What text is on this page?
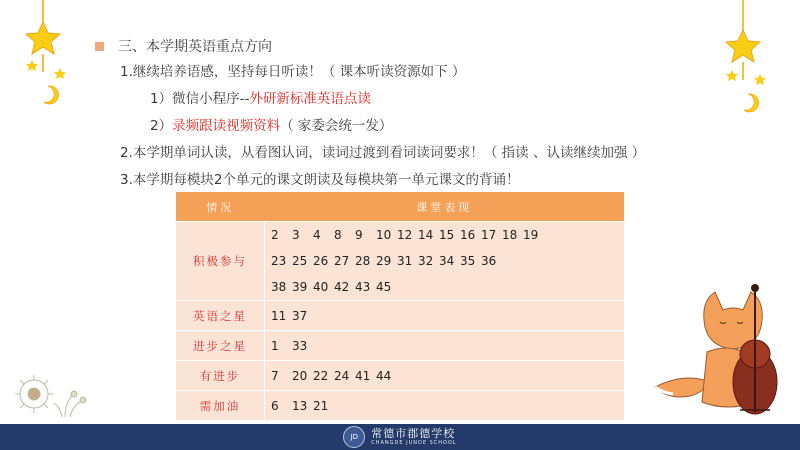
三、本学期英语重点方向
1.继续培养语感，坚持每日听读！（ 课本听读资源如下 ）
1）微信小程序--外研新标准英语点读
2）录频跟读视频资料（ 家委会统一发）
2.本学期单词认读，从看图认词，读词过渡到看词读词要求！（ 指读 、认读继续加强 ）
3.本学期每模块2个单元的课文朗读及每模块第一单元课文的背诵！
情况	课堂表现
积极参与	2 3 4 8 9 10 12 14 15 16 17 18 19
23 25 26 27 28 29 31 32 34 35 36
38 39 40 42 43 45

英语之星	11 37

进步之星	1 33

有进步	7 20 22 24 41 44

需加油	6 13 21
JD	常德市郡德学校
CHANGDE JUNDE SCHOOL
